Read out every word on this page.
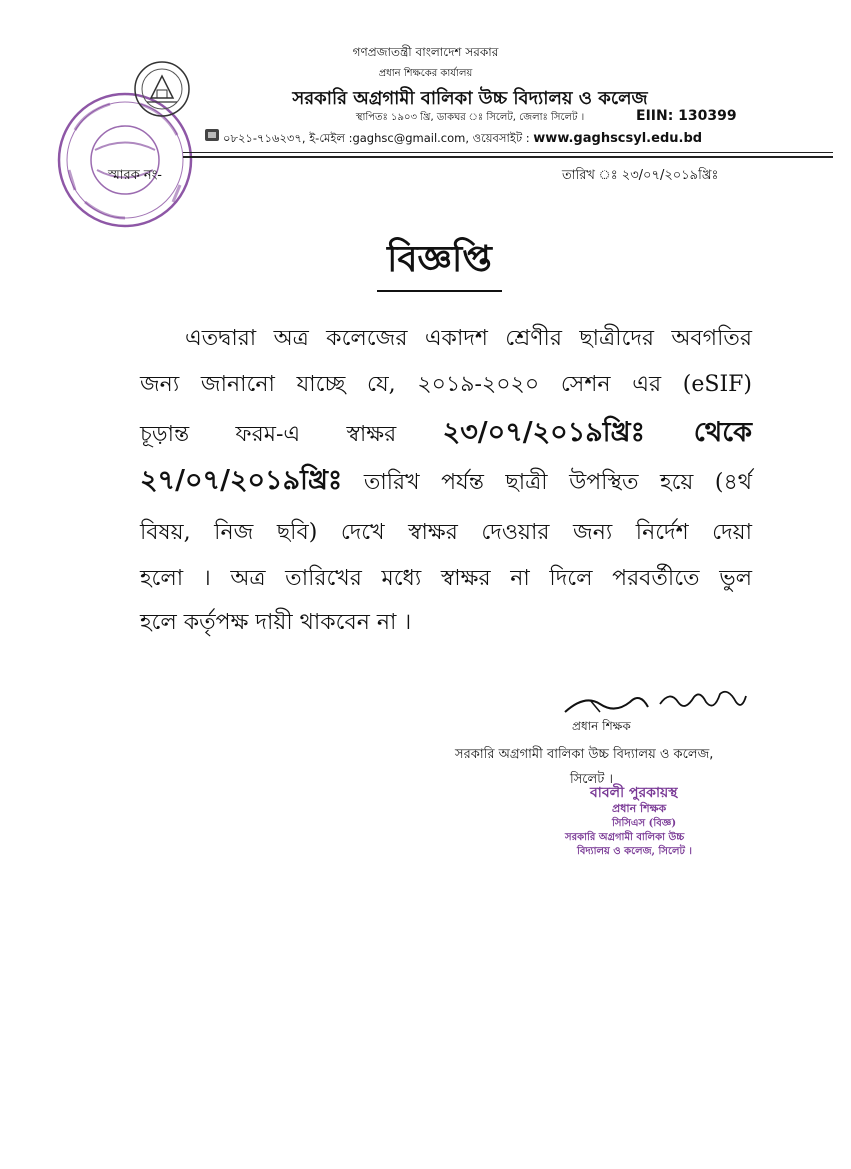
গণপ্রজাতন্ত্রী বাংলাদেশ সরকার
প্রধান শিক্ষকের কার্যালয়
সরকারি অগ্রগামী বালিকা উচ্চ বিদ্যালয় ও কলেজ
স্থাপিতঃ ১৯০৩ খ্রি, ডাকঘর ঃ সিলেট, জেলাঃ সিলেট ।	EIIN: 130399
০৮২১-৭১৬২৩৭, ই-মেইল :gaghsc@gmail.com, ওয়েবসাইট : www.gaghscsyl.edu.bd
স্মারক নং-	তারিখ ঃ ২৩/০৭/২০১৯খ্রিঃ
বিজ্ঞপ্তি
এতদ্বারা অত্র কলেজের একাদশ শ্রেণীর ছাত্রীদের অবগতির
জন্য জানানো যাচ্ছে যে, ২০১৯-২০২০ সেশন এর (eSIF)
চূড়ান্ত ফরম-এ স্বাক্ষর ২৩/০৭/২০১৯খ্রিঃ থেকে
২৭/০৭/২০১৯খ্রিঃ তারিখ পর্যন্ত ছাত্রী উপস্থিত হয়ে (৪র্থ
বিষয়, নিজ ছবি) দেখে স্বাক্ষর দেওয়ার জন্য নির্দেশ দেয়া
হলো । অত্র তারিখের মধ্যে স্বাক্ষর না দিলে পরবর্তীতে ভুল
হলে কর্তৃপক্ষ দায়ী থাকবেন না ।
প্রধান শিক্ষক
সরকারি অগ্রগামী বালিকা উচ্চ বিদ্যালয় ও কলেজ,
সিলেট ।
বাবলী পুরকায়স্থ
প্রধান শিক্ষক
সিসিএস (বিজ্ঞ)
সরকারি অগ্রগামী বালিকা উচ্চ
বিদ্যালয় ও কলেজ, সিলেট ।
